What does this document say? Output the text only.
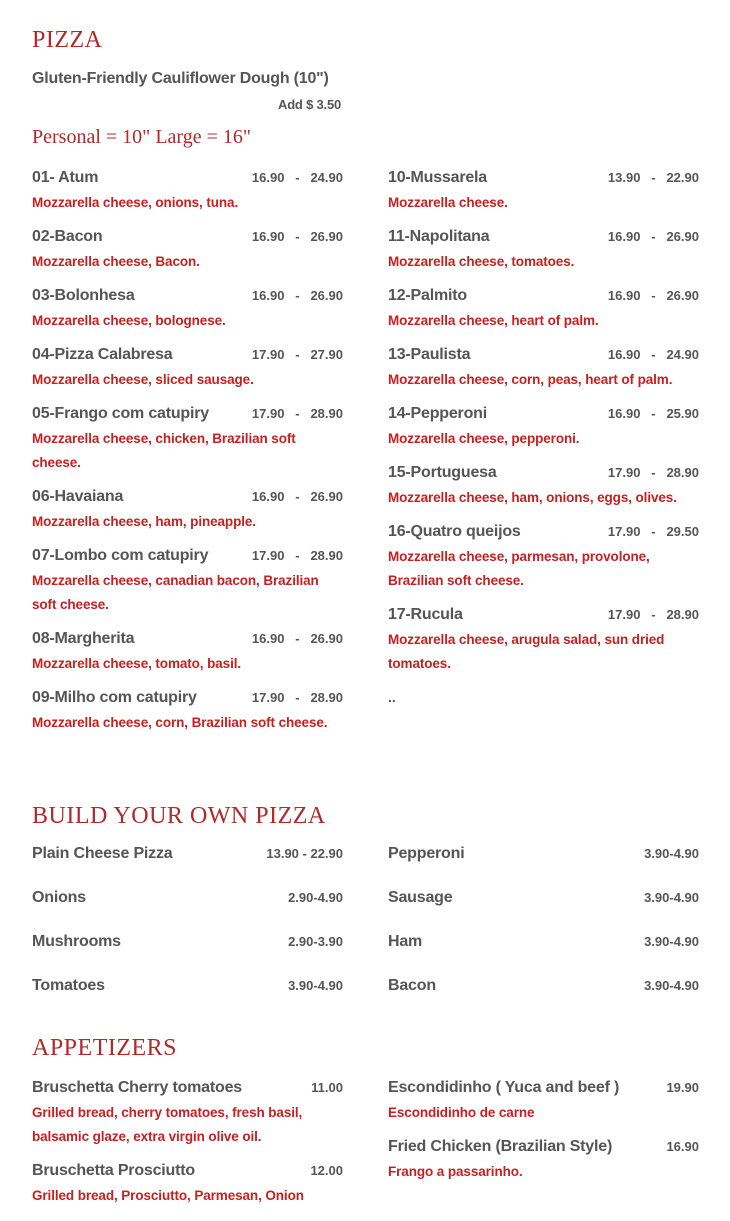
PIZZA
Gluten-Friendly Cauliflower Dough (10")
Add $ 3.50
Personal = 10" Large = 16"
01- Atum	16.90   -   24.90
Mozzarella cheese, onions, tuna.
02-Bacon	16.90   -   26.90
Mozzarella cheese, Bacon.
03-Bolonhesa	16.90   -   26.90
Mozzarella cheese, bolognese.
04-Pizza Calabresa	17.90   -   27.90
Mozzarella cheese, sliced sausage.
05-Frango com catupiry	17.90   -   28.90
Mozzarella cheese, chicken, Brazilian soft cheese.
06-Havaiana	16.90   -   26.90
Mozzarella cheese, ham, pineapple.
07-Lombo com catupiry	17.90   -   28.90
Mozzarella cheese, canadian bacon, Brazilian soft cheese.
08-Margherita	16.90   -   26.90
Mozzarella cheese, tomato, basil.
09-Milho com catupiry	17.90   -   28.90
Mozzarella cheese, corn, Brazilian soft cheese.
10-Mussarela	13.90   -   22.90
Mozzarella cheese.
11-Napolitana	16.90   -   26.90
Mozzarella cheese, tomatoes.
12-Palmito	16.90   -   26.90
Mozzarella cheese, heart of palm.
13-Paulista	16.90   -   24.90
Mozzarella cheese, corn, peas, heart of palm.
14-Pepperoni	16.90   -   25.90
Mozzarella cheese, pepperoni.
15-Portuguesa	17.90   -   28.90
Mozzarella cheese, ham, onions, eggs, olives.
16-Quatro queijos	17.90   -   29.50
Mozzarella cheese, parmesan, provolone, Brazilian soft cheese.
17-Rucula	17.90   -   28.90
Mozzarella cheese, arugula salad, sun dried tomatoes.
..
BUILD YOUR OWN PIZZA
Plain Cheese Pizza	13.90 - 22.90
Onions	2.90-4.90
Mushrooms	2.90-3.90
Tomatoes	3.90-4.90
Pepperoni	3.90-4.90
Sausage	3.90-4.90
Ham	3.90-4.90
Bacon	3.90-4.90
APPETIZERS
Bruschetta Cherry tomatoes	11.00
Grilled bread, cherry tomatoes, fresh basil, balsamic glaze, extra virgin olive oil.
Bruschetta Prosciutto	12.00
Grilled bread, Prosciutto, Parmesan, Onion
Escondidinho ( Yuca and beef )	19.90
Escondidinho de carne
Fried Chicken (Brazilian Style)	16.90
Frango a passarinho.
